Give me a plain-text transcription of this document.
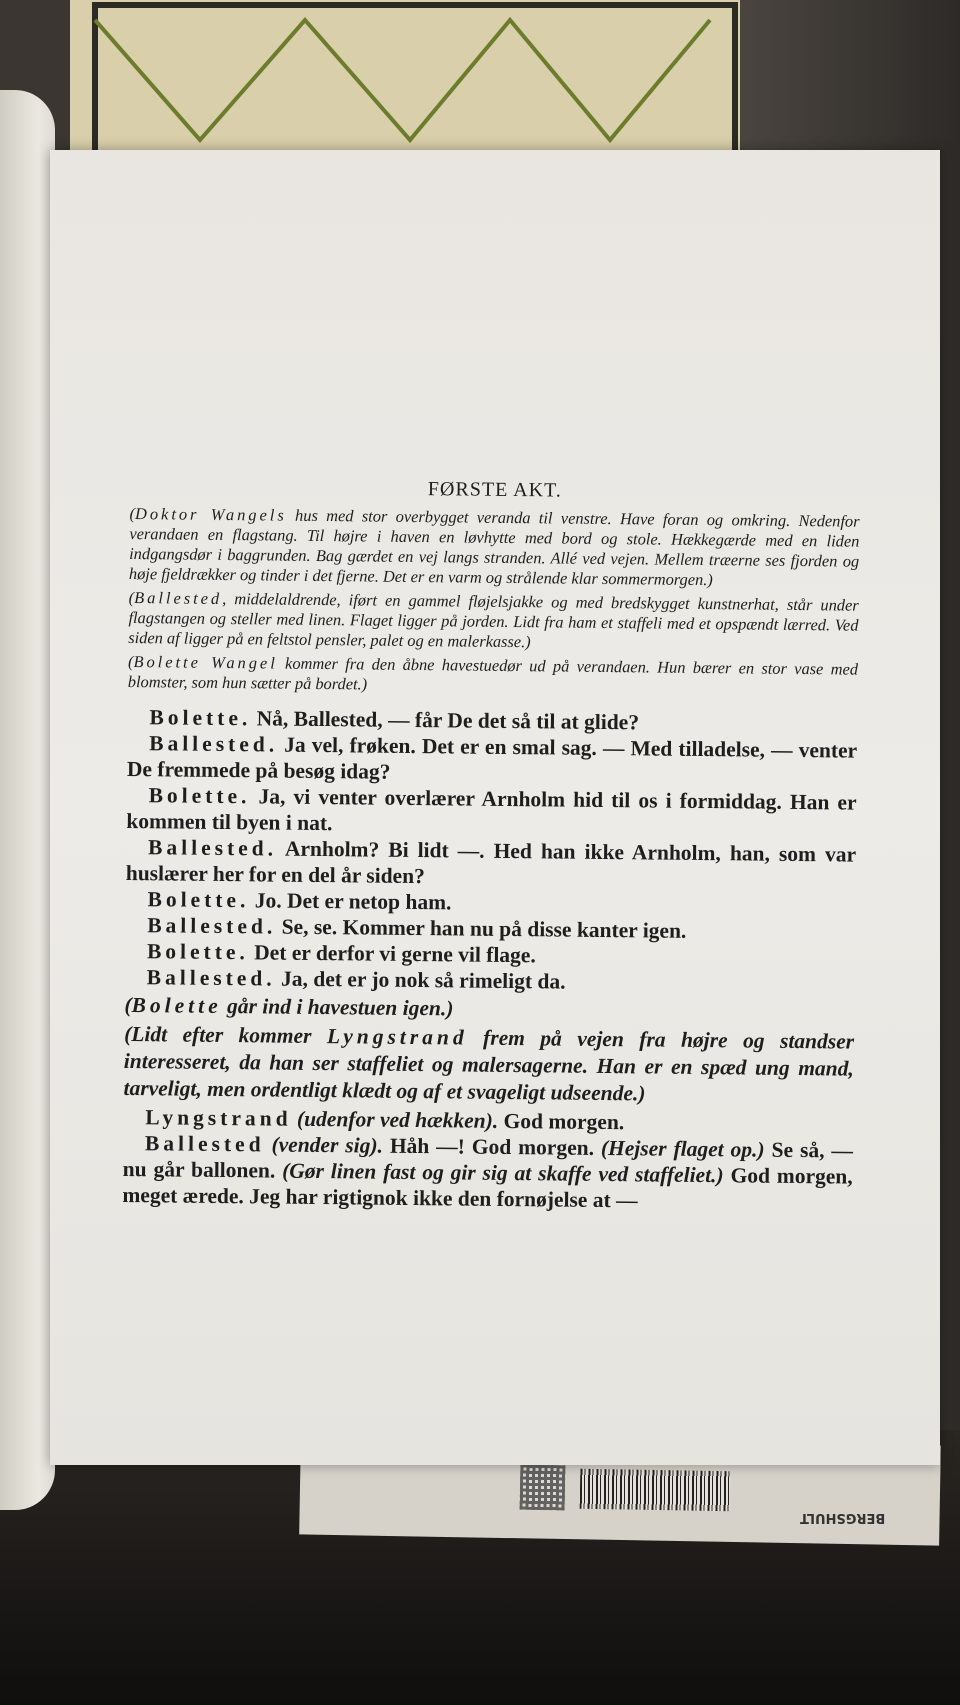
BERGSHULT

FØRSTE AKT.

(Doktor Wangels hus med stor overbygget veranda til venstre. Have foran og omkring. Nedenfor verandaen en flagstang. Til højre i haven en løvhytte med bord og stole. Hækkegærde med en liden indgangsdør i baggrunden. Bag gærdet en vej langs stranden. Allé ved vejen. Mellem træerne ses fjorden og høje fjeldrækker og tinder i det fjerne. Det er en varm og strålende klar sommermorgen.)

(Ballested, middelaldrende, iført en gammel fløjelsjakke og med bredskygget kunstnerhat, står under flagstangen og steller med linen. Flaget ligger på jorden. Lidt fra ham et staffeli med et opspændt lærred. Ved siden af ligger på en feltstol pensler, palet og en malerkasse.)

(Bolette Wangel kommer fra den åbne havestuedør ud på verandaen. Hun bærer en stor vase med blomster, som hun sætter på bordet.)

Bolette. Nå, Ballested, — får De det så til at glide?

Ballested. Ja vel, frøken. Det er en smal sag. — Med tilladelse, — venter De fremmede på besøg idag?

Bolette. Ja, vi venter overlærer Arnholm hid til os i formiddag. Han er kommen til byen i nat.

Ballested. Arnholm? Bi lidt —. Hed han ikke Arnholm, han, som var huslærer her for en del år siden?

Bolette. Jo. Det er netop ham.

Ballested. Se, se. Kommer han nu på disse kanter igen.

Bolette. Det er derfor vi gerne vil flage.

Ballested. Ja, det er jo nok så rimeligt da.

(Bolette går ind i havestuen igen.)

(Lidt efter kommer Lyngstrand frem på vejen fra højre og standser interesseret, da han ser staffeliet og malersagerne. Han er en spæd ung mand, tarveligt, men ordentligt klædt og af et svageligt udseende.)

Lyngstrand (udenfor ved hækken). God morgen.

Ballested (vender sig). Håh —! God morgen. (Hejser flaget op.) Se så, — nu går ballonen. (Gør linen fast og gir sig at skaffe ved staffeliet.) God morgen, meget ærede. Jeg har rigtignok ikke den fornøjelse at —
